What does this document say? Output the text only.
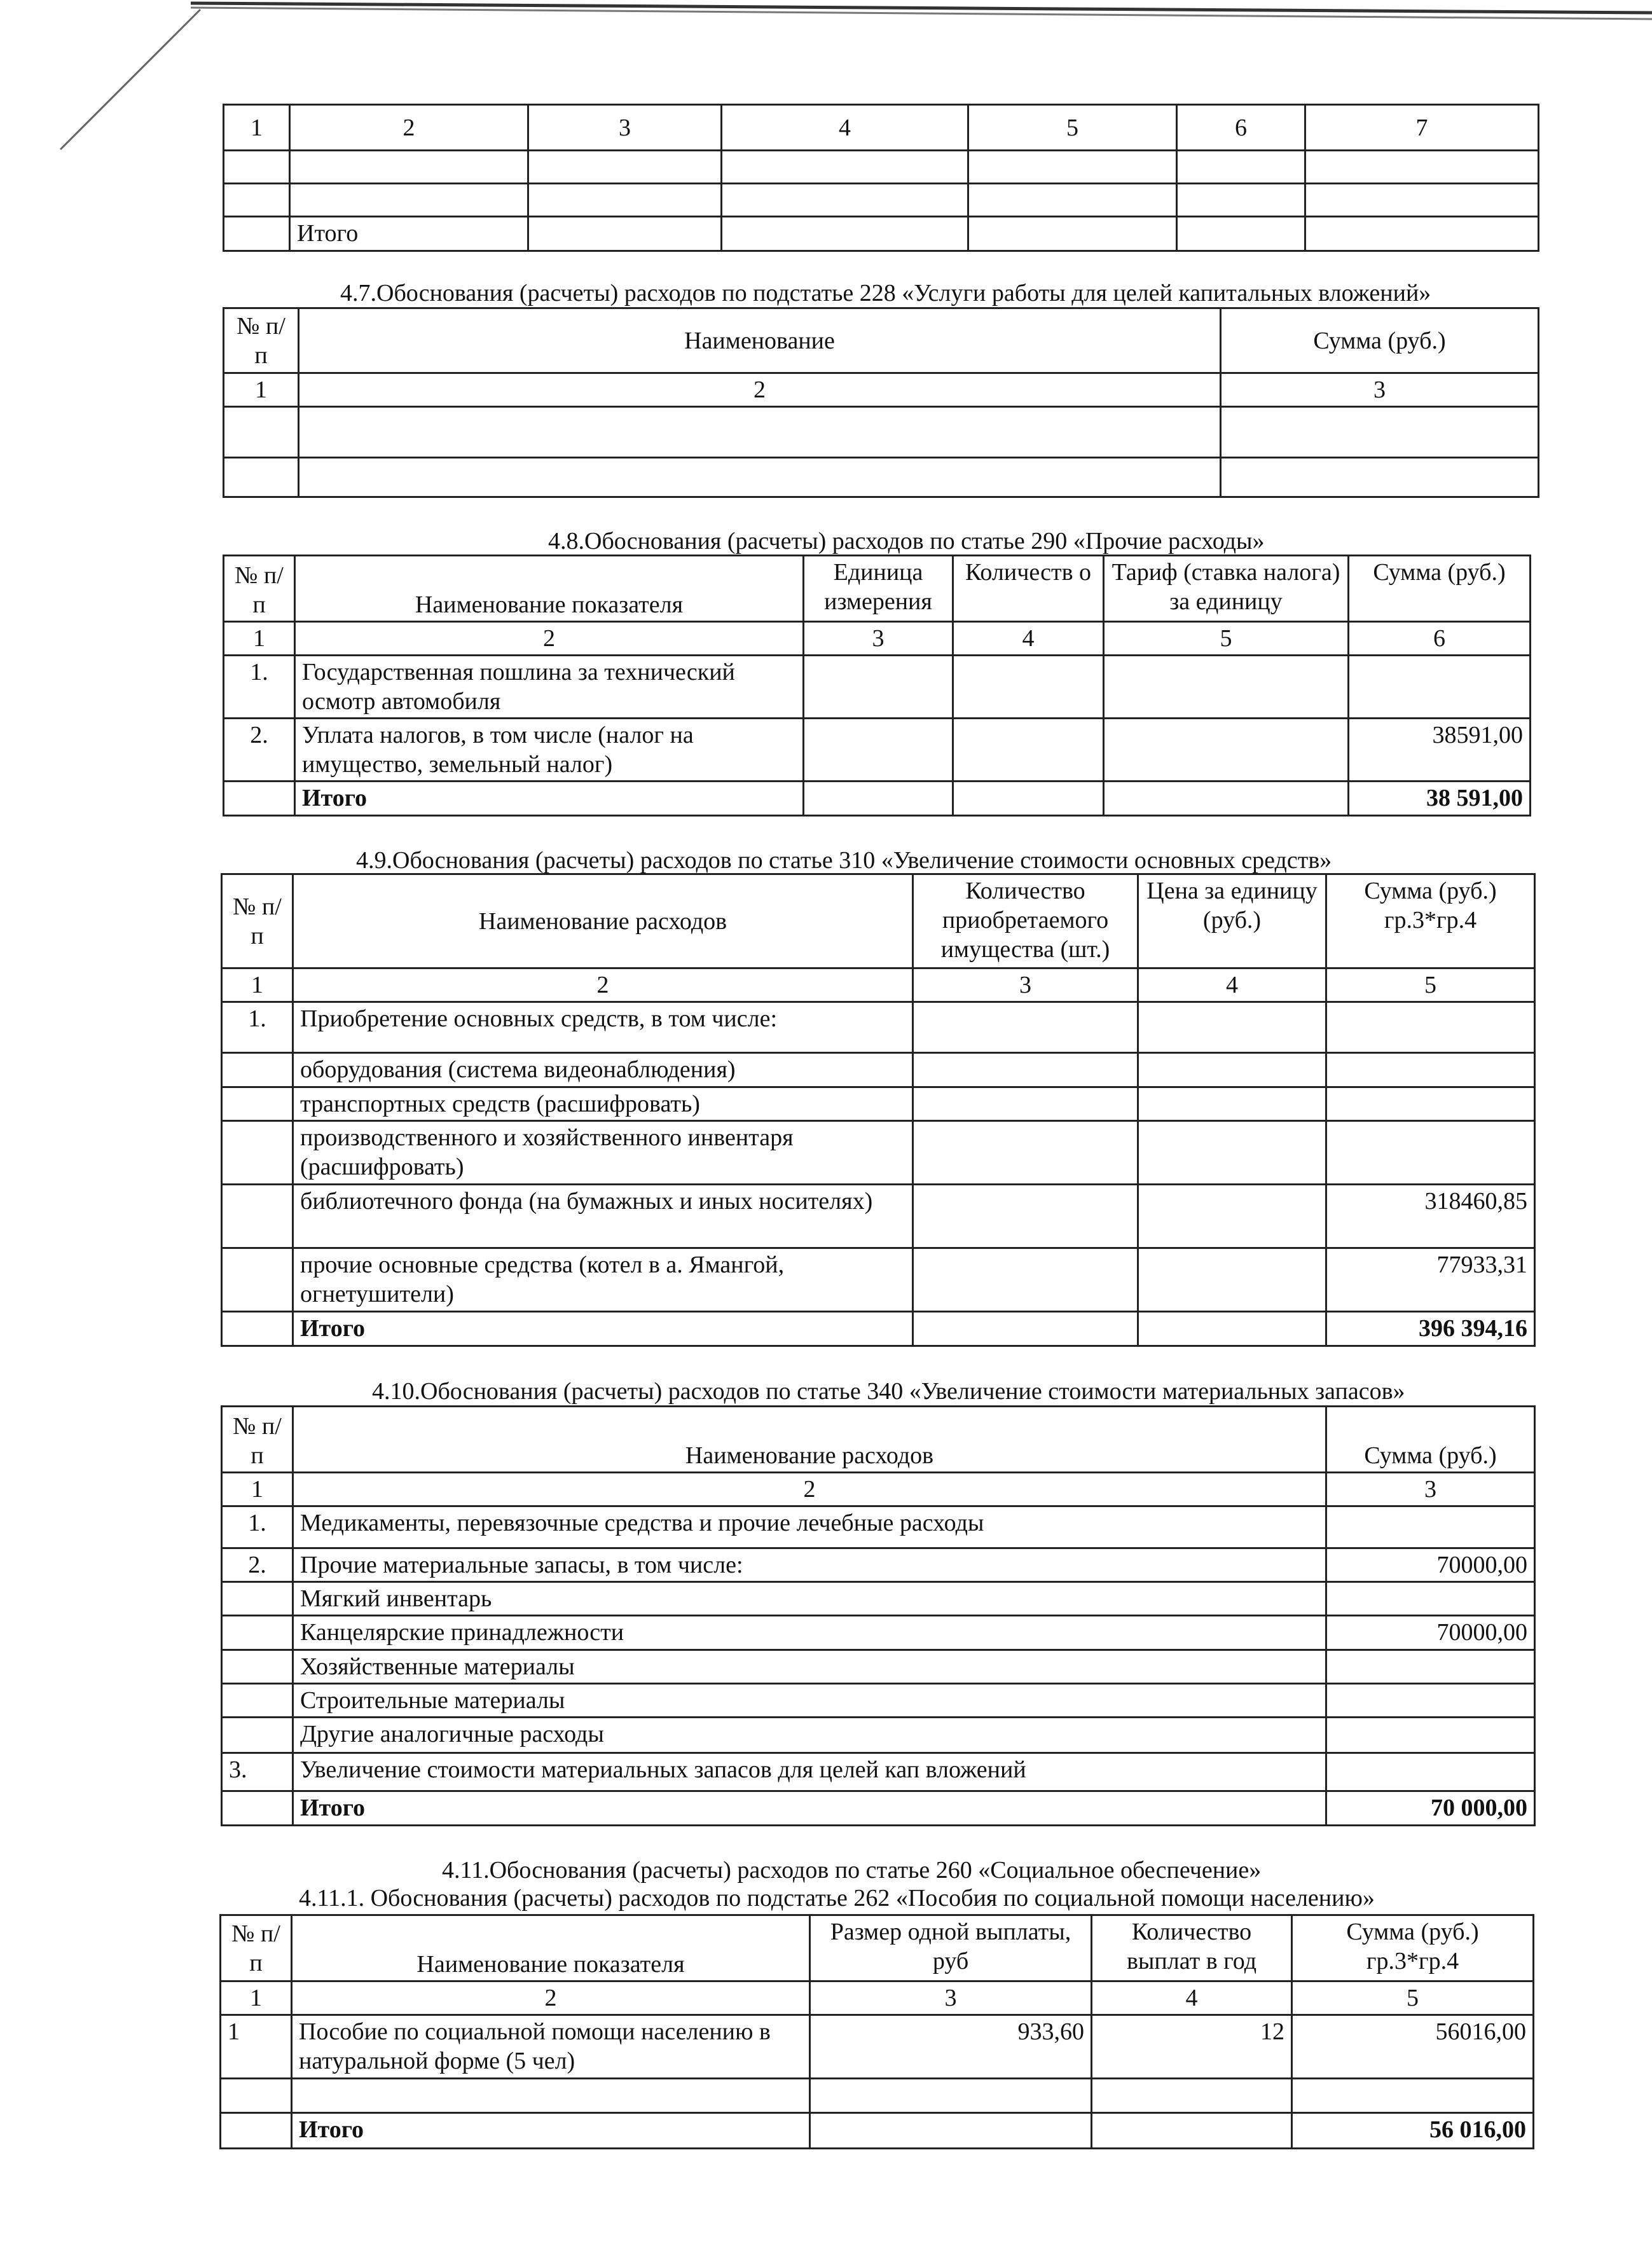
1	2	3	4	5	6	7

	Итого					
4.7.Обоснования (расчеты) расходов по подстатье 228 «Услуги работы для целей капитальных вложений»
№ п/п	Наименование	Сумма (руб.)
1	2	3

4.8.Обоснования (расчеты) расходов по статье 290 «Прочие расходы»
№ п/п	Наименование показателя	Единица измерения	Количеств о	Тариф (ставка налога) за единицу	Сумма (руб.)
1	2	3	4	5	6
1.	Государственная пошлина за технический осмотр автомобиля				
2.	Уплата налогов, в том числе (налог на имущество, земельный налог)				38591,00
	Итого				38 591,00
4.9.Обоснования (расчеты) расходов по статье 310 «Увеличение стоимости основных средств»
№ п/п	Наименование расходов	Количество приобретаемого имущества (шт.)	Цена за единицу (руб.)	Сумма (руб.) гр.3*гр.4
1	2	3	4	5
1.	Приобретение основных средств, в том числе:			
	оборудования (система видеонаблюдения)			
	транспортных средств (расшифровать)			
	производственного и хозяйственного инвентаря (расшифровать)			
	библиотечного фонда (на бумажных и иных носителях)			318460,85
	прочие основные средства (котел в а. Ямангой, огнетушители)			77933,31
	Итого			396 394,16
4.10.Обоснования (расчеты) расходов по статье 340 «Увеличение стоимости материальных запасов»
№ п/п	Наименование расходов	Сумма (руб.)
1	2	3
1.	Медикаменты, перевязочные средства и прочие лечебные расходы	
2.	Прочие материальные запасы, в том числе:	70000,00
	Мягкий инвентарь	
	Канцелярские принадлежности	70000,00
	Хозяйственные материалы	
	Строительные материалы	
	Другие аналогичные расходы	
3.	Увеличение стоимости материальных запасов для целей кап вложений	
	Итого	70 000,00
4.11.Обоснования (расчеты) расходов по статье 260 «Социальное обеспечение»
4.11.1. Обоснования (расчеты) расходов по подстатье 262 «Пособия по социальной помощи населению»
№ п/п	Наименование показателя	Размер одной выплаты, руб	Количество выплат в год	Сумма (руб.) гр.3*гр.4
1	2	3	4	5
1	Пособие по социальной помощи населению в натуральной форме (5 чел)	933,60	12	56016,00

	Итого			56 016,00
